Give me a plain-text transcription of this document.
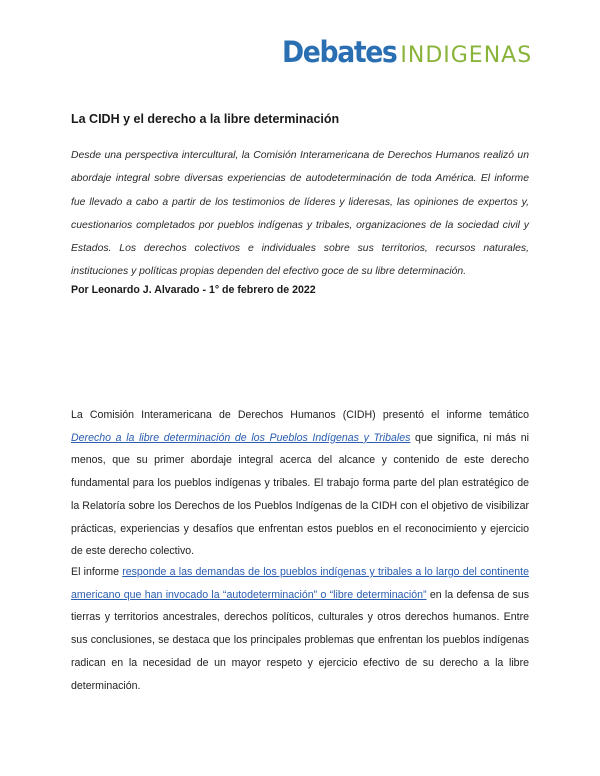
Debates INDIGENAS
La CIDH y el derecho a la libre determinación

Desde una perspectiva intercultural, la Comisión Interamericana de Derechos Humanos realizó un abordaje integral sobre diversas experiencias de autodeterminación de toda América. El informe fue llevado a cabo a partir de los testimonios de líderes y lideresas, las opiniones de expertos y, cuestionarios completados por pueblos indígenas y tribales, organizaciones de la sociedad civil y Estados. Los derechos colectivos e individuales sobre sus territorios, recursos naturales, instituciones y políticas propias dependen del efectivo goce de su libre determinación.

Por Leonardo J. Alvarado - 1° de febrero de 2022

La Comisión Interamericana de Derechos Humanos (CIDH) presentó el informe temático Derecho a la libre determinación de los Pueblos Indígenas y Tribales que significa, ni más ni menos, que su primer abordaje integral acerca del alcance y contenido de este derecho fundamental para los pueblos indígenas y tribales. El trabajo forma parte del plan estratégico de la Relatoría sobre los Derechos de los Pueblos Indígenas de la CIDH con el objetivo de visibilizar prácticas, experiencias y desafíos que enfrentan estos pueblos en el reconocimiento y ejercicio de este derecho colectivo.

El informe responde a las demandas de los pueblos indígenas y tribales a lo largo del continente americano que han invocado la “autodeterminación” o “libre determinación” en la defensa de sus tierras y territorios ancestrales, derechos políticos, culturales y otros derechos humanos. Entre sus conclusiones, se destaca que los principales problemas que enfrentan los pueblos indígenas radican en la necesidad de un mayor respeto y ejercicio efectivo de su derecho a la libre determinación.
